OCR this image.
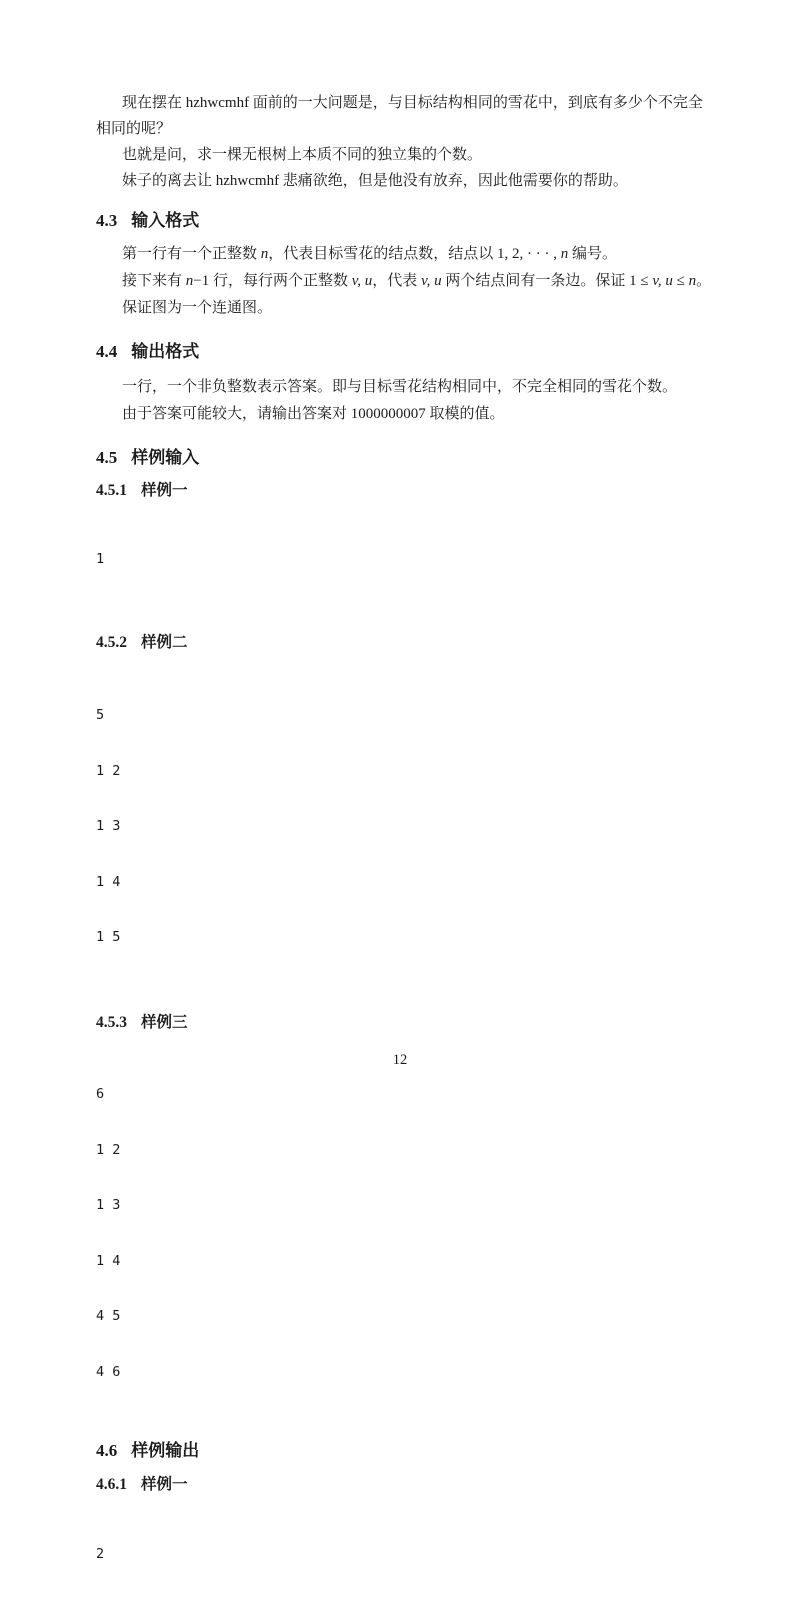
现在摆在 hzhwcmhf 面前的一大问题是，与目标结构相同的雪花中，到底有多少个不完全
相同的呢？
也就是问，求一棵无根树上本质不同的独立集的个数。
妹子的离去让 hzhwcmhf 悲痛欲绝，但是他没有放弃，因此他需要你的帮助。
4.3 输入格式
第一行有一个正整数 n，代表目标雪花的结点数，结点以 1, 2, · · · , n 编号。
接下来有 n−1 行，每行两个正整数 v, u，代表 v, u 两个结点间有一条边。保证 1 ≤ v, u ≤ n。
保证图为一个连通图。
4.4 输出格式
一行，一个非负整数表示答案。即与目标雪花结构相同中，不完全相同的雪花个数。
由于答案可能较大，请输出答案对 1000000007 取模的值。
4.5 样例输入
4.5.1 样例一

1

4.5.2 样例二

5

1 2

1 3

1 4

1 5

4.5.3 样例三

6

1 2

1 3

1 4

4 5

4 6

4.6 样例输出
4.6.1 样例一

2

12
